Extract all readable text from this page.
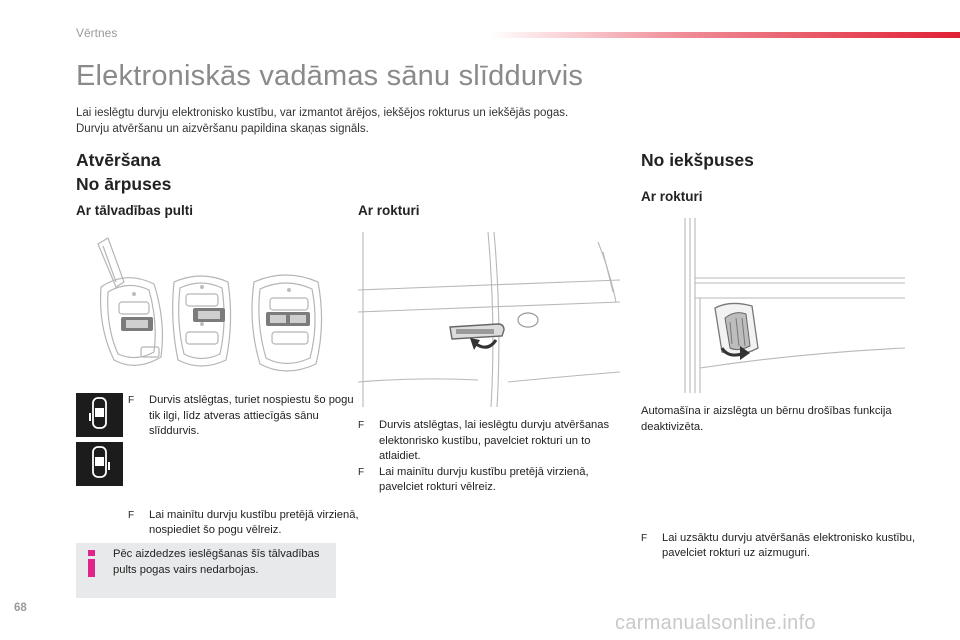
Vērtnes
Elektroniskās vadāmas sānu slīddurvis
Lai ieslēgtu durvju elektronisko kustību, var izmantot ārējos, iekšējos rokturus un iekšējās pogas.
Durvju atvēršanu un aizvēršanu papildina skaņas signāls.
Atvēršana
No ārpuses
Ar tālvadības pulti
F Durvis atslēgtas, turiet nospiestu šo pogu tik ilgi, līdz atveras attiecīgās sānu slīddurvis.
F Lai mainītu durvju kustību pretējā virzienā, nospiediet šo pogu vēlreiz.
Pēc aizdedzes ieslēgšanas šīs tālvadības pults pogas vairs nedarbojas.
Ar rokturi
F Durvis atslēgtas, lai ieslēgtu durvju atvēršanas elektonrisko kustību, pavelciet rokturi un to atlaidiet.
F Lai mainītu durvju kustību pretējā virzienā, pavelciet rokturi vēlreiz.
No iekšpuses
Ar rokturi
Automašīna ir aizslēgta un bērnu drošības funkcija deaktivizēta.
F Lai uzsāktu durvju atvēršanās elektronisko kustību, pavelciet rokturi uz aizmuguri.
68
carmanualsonline.info
